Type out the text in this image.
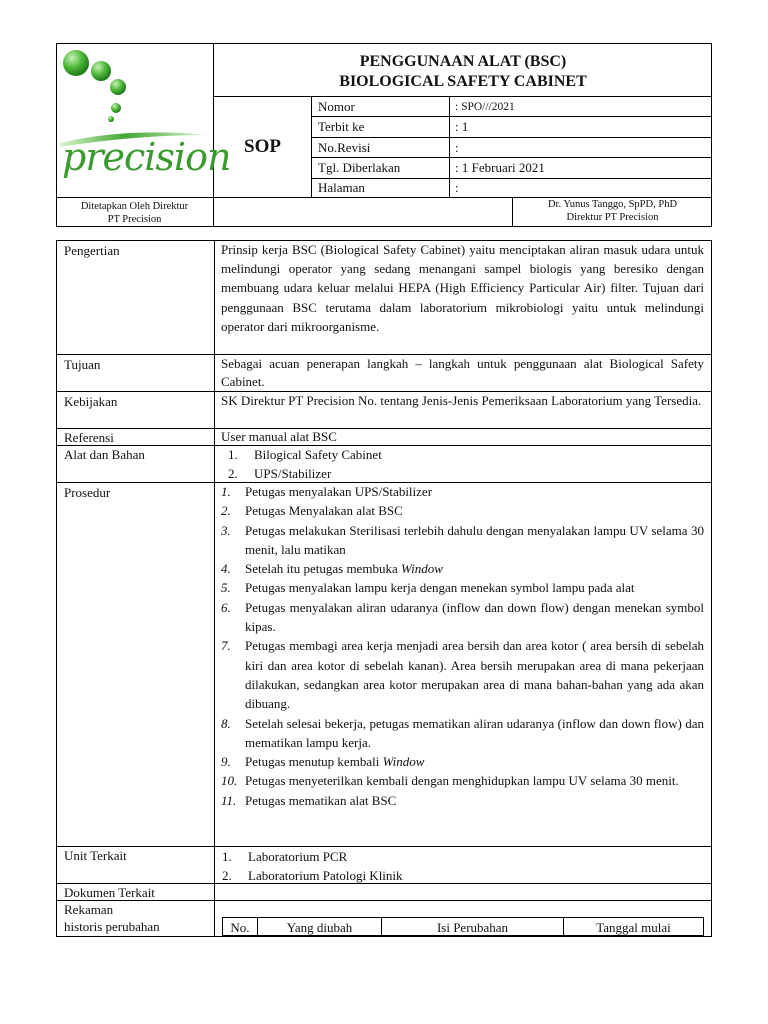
precision
PENGGUNAAN ALAT (BSC)
BIOLOGICAL SAFETY CABINET
SOP
Nomor	: SPO///2021
Terbit ke	: 1
No.Revisi	:
Tgl. Diberlakan	: 1 Februari 2021
Halaman	:
Ditetapkan Oleh Direktur
PT Precision
Dr. Yunus Tanggo, SpPD, PhD
Direktur PT Precision
Pengertian	Prinsip kerja BSC (Biological Safety Cabinet) yaitu menciptakan aliran masuk udara untuk melindungi operator yang sedang menangani sampel biologis yang beresiko dengan membuang udara keluar melalui HEPA (High Efficiency Particular Air) filter. Tujuan dari penggunaan BSC terutama dalam laboratorium mikrobiologi yaitu untuk melindungi operator dari mikroorganisme.
Tujuan	Sebagai acuan penerapan langkah – langkah untuk penggunaan alat Biological Safety Cabinet.
Kebijakan	SK Direktur PT Precision No. tentang Jenis-Jenis Pemeriksaan Laboratorium yang Tersedia.
Referensi	User manual alat BSC
Alat dan Bahan	1. Bilogical Safety Cabinet
2. UPS/Stabilizer
Prosedur	1. Petugas menyalakan UPS/Stabilizer
2. Petugas Menyalakan alat BSC
3. Petugas melakukan Sterilisasi terlebih dahulu dengan menyalakan lampu UV selama 30 menit, lalu matikan
4. Setelah itu petugas membuka Window
5. Petugas menyalakan lampu kerja dengan menekan symbol lampu pada alat
6. Petugas menyalakan aliran udaranya (inflow dan down flow) dengan menekan symbol kipas.
7. Petugas membagi area kerja menjadi area bersih dan area kotor ( area bersih di sebelah kiri dan area kotor di sebelah kanan). Area bersih merupakan area di mana pekerjaan dilakukan, sedangkan area kotor merupakan area di mana bahan-bahan yang ada akan dibuang.
8. Setelah selesai bekerja, petugas mematikan aliran udaranya (inflow dan down flow) dan mematikan lampu kerja.
9. Petugas menutup kembali Window
10. Petugas menyeterilkan kembali dengan menghidupkan lampu UV selama 30 menit.
11. Petugas mematikan alat BSC
Unit Terkait	1. Laboratorium PCR
2. Laboratorium Patologi Klinik
Dokumen Terkait
Rekaman
historis perubahan	No.	Yang diubah	Isi Perubahan	Tanggal mulai
